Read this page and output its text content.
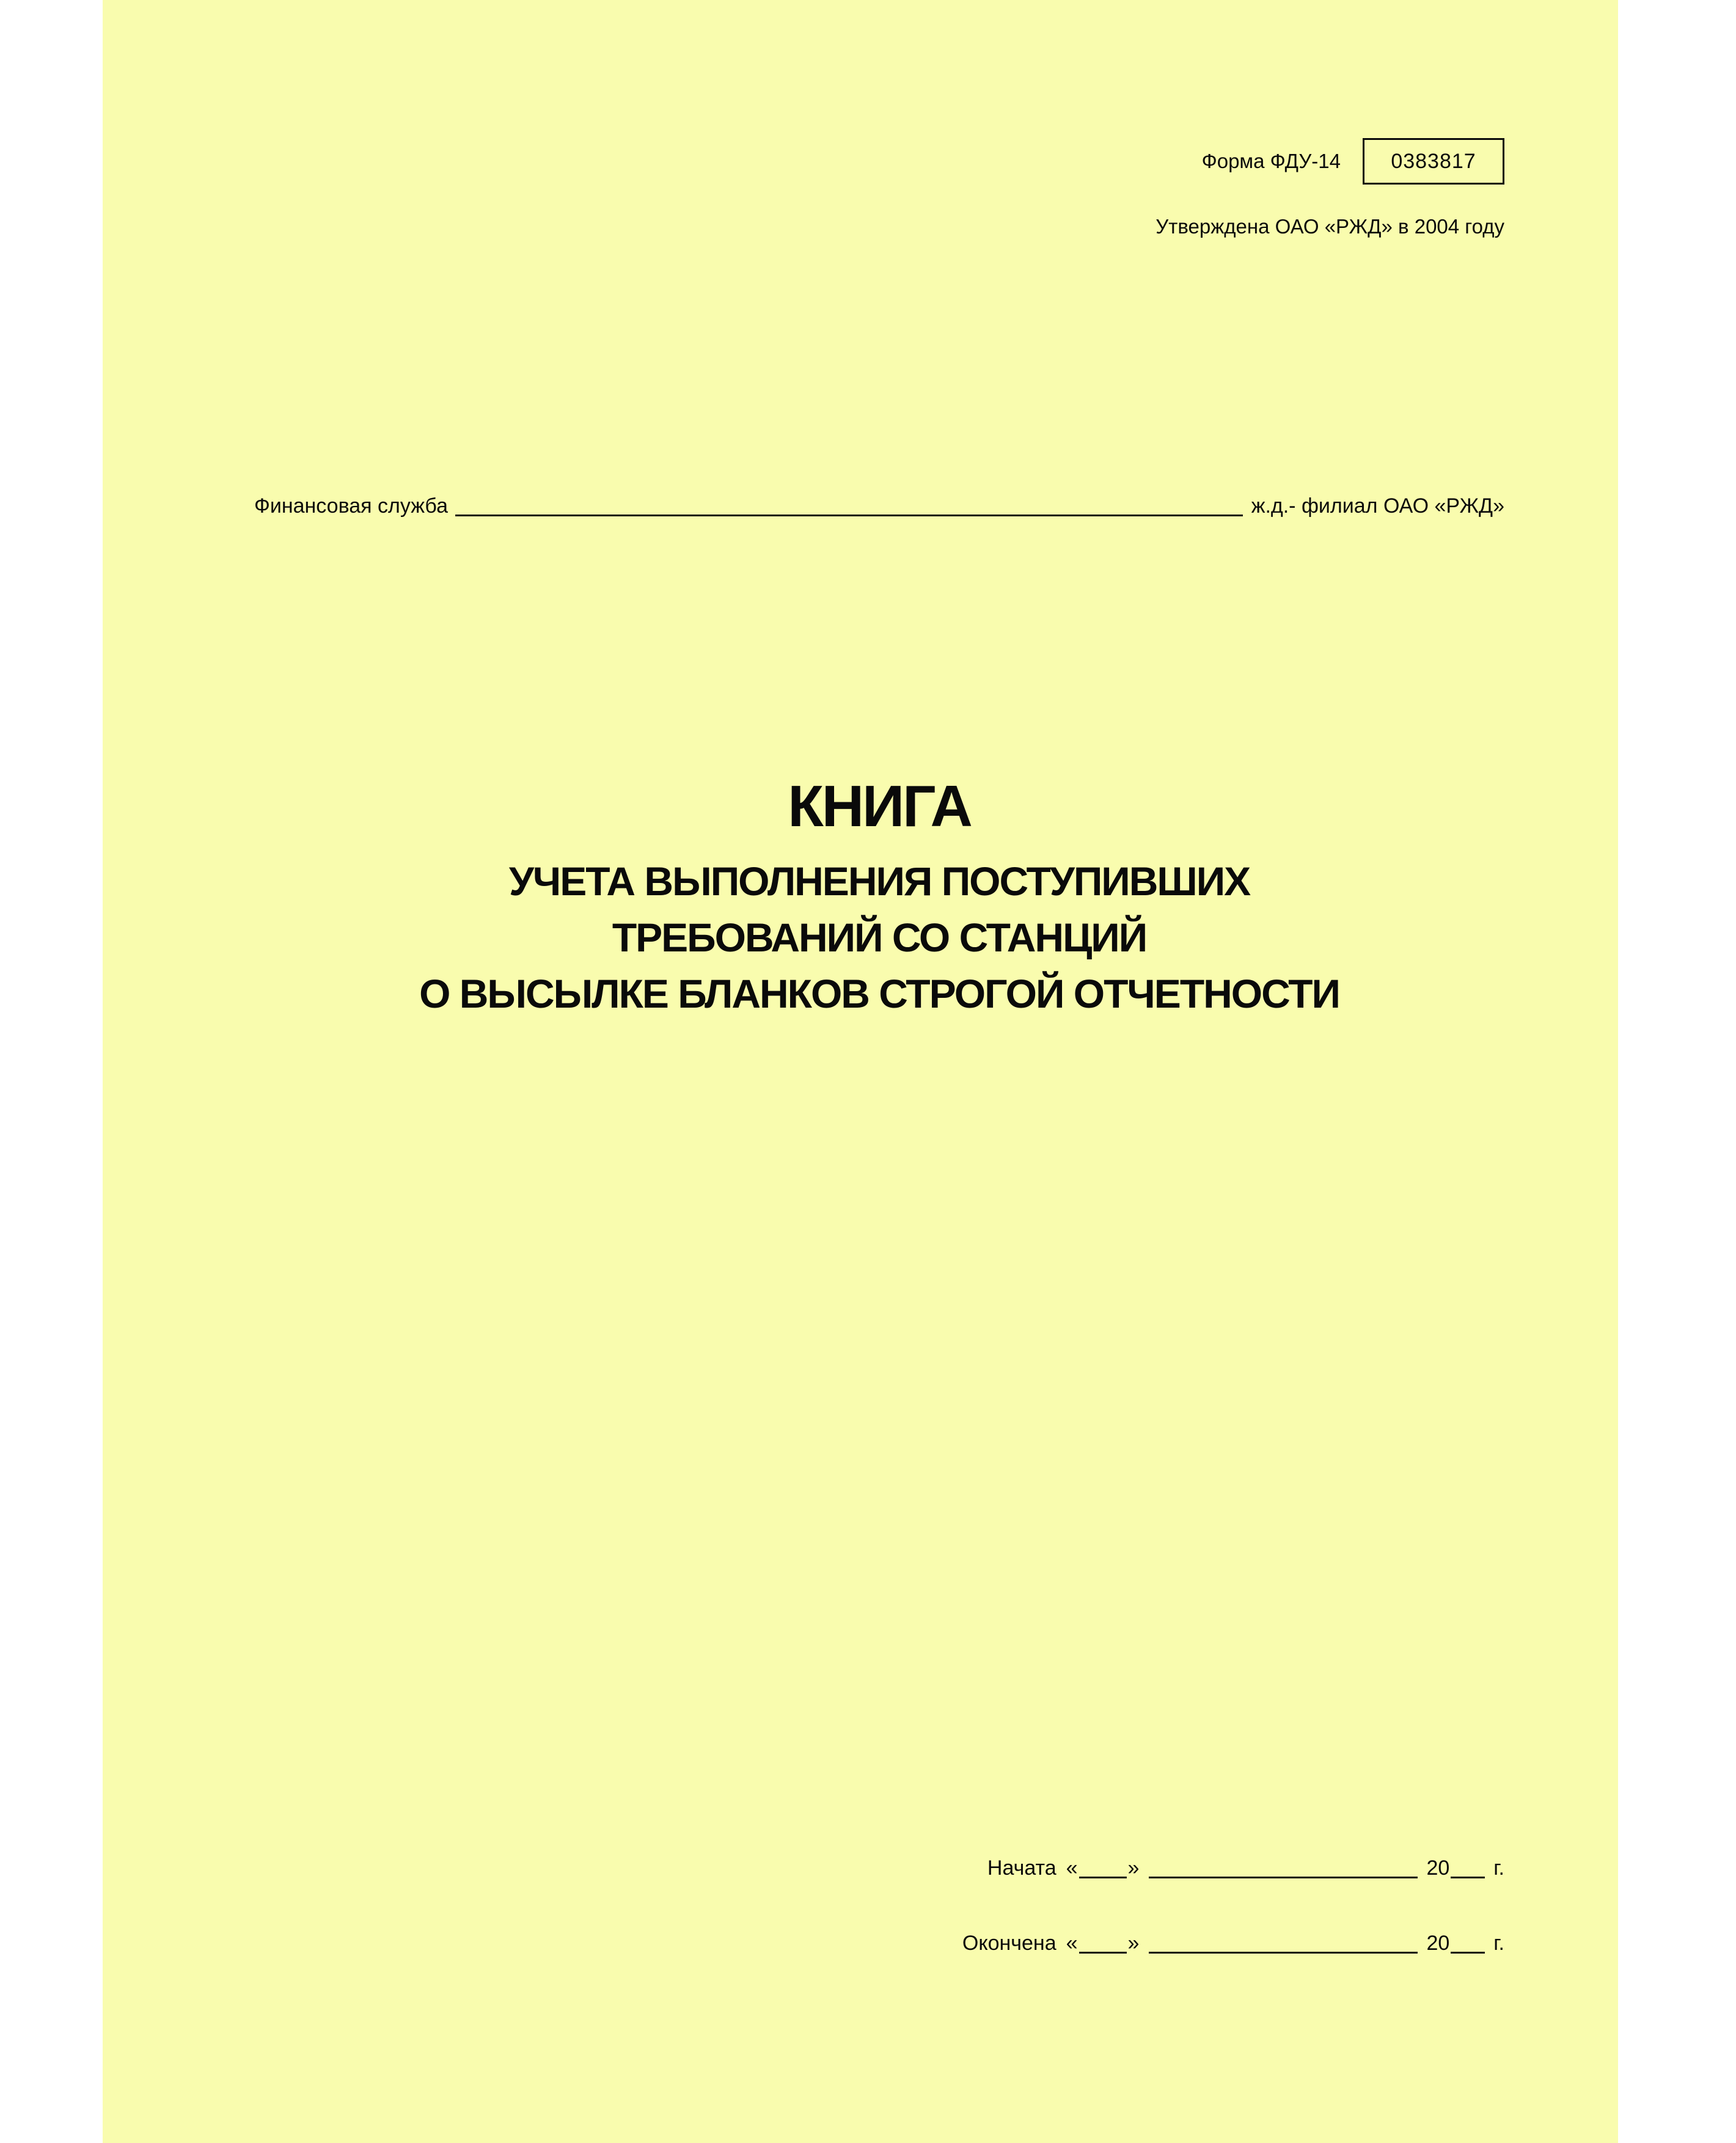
Форма ФДУ-14 0383817
Утверждена ОАО «РЖД» в 2004 году
Финансовая служба	ж.д.- филиал ОАО «РЖД»
КНИГА
УЧЕТА ВЫПОЛНЕНИЯ ПОСТУПИВШИХ
ТРЕБОВАНИЙ СО СТАНЦИЙ
О ВЫСЫЛКЕ БЛАНКОВ СТРОГОЙ ОТЧЕТНОСТИ
Начата « »	20 г.
Окончена « »	20 г.
